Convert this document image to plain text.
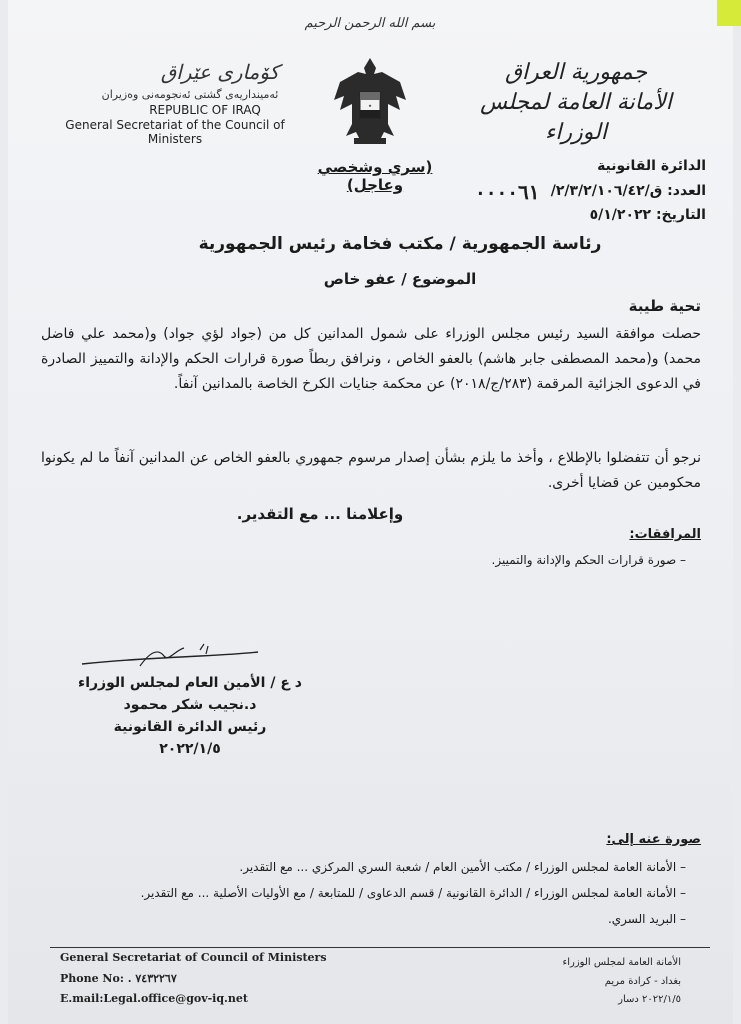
بسم الله الرحمن الرحيم
جمهورية العراق
الأمانة العامة لمجلس الوزراء
كۆماری عێراق
ئەمینداریەی گشتی ئەنجومەنی وەزیران
REPUBLIC OF IRAQ
General Secretariat of the Council of Ministers
★
(سري وشخصي وعاجل)
الدائرة القانونية
العدد: ق/٢/٣/٢/١٠٦/٤٢/
٠٠٠٠٦١
التاريخ: ٥/١/٢٠٢٢
رئاسة الجمهورية / مكتب فخامة رئيس الجمهورية
الموضوع / عفو خاص
تحية طيبة
حصلت موافقة السيد رئيس مجلس الوزراء على شمول المدانين كل من (جواد لؤي جواد) و(محمد علي فاضل محمد) و(محمد المصطفى جابر هاشم) بالعفو الخاص ، ونرافق ربطاً صورة قرارات الحكم والإدانة والتمييز الصادرة في الدعوى الجزائية المرقمة (٢٨٣/ج/٢٠١٨) عن محكمة جنايات الكرخ الخاصة بالمدانين آنفاً.
نرجو أن تتفضلوا بالإطلاع ، وأخذ ما يلزم بشأن إصدار مرسوم جمهوري بالعفو الخاص عن المدانين آنفاً ما لم يكونوا محكومين عن قضايا أخرى.
وإعلامنا ... مع التقدير.
المرافقات:
– صورة قرارات الحكم والإدانة والتمييز.
د ع / الأمين العام لمجلس الوزراء
د.نجيب شكر محمود
رئيس الدائرة القانونية
٢٠٢٢/١/٥
صورة عنه إلى:
– الأمانة العامة لمجلس الوزراء / مكتب الأمين العام / شعبة السري المركزي ... مع التقدير.
– الأمانة العامة لمجلس الوزراء / الدائرة القانونية / قسم الدعاوى / للمتابعة / مع الأوليات الأصلية ... مع التقدير.
– البريد السري.
General Secretariat of Council of Ministers
Phone No: . ٧٤٣٢٢٦٧
E.mail:Legal.office@gov-iq.net
الأمانة العامة لمجلس الوزراء
بغداد - كرادة مريم
٢٠٢٢/١/٥ دسار
